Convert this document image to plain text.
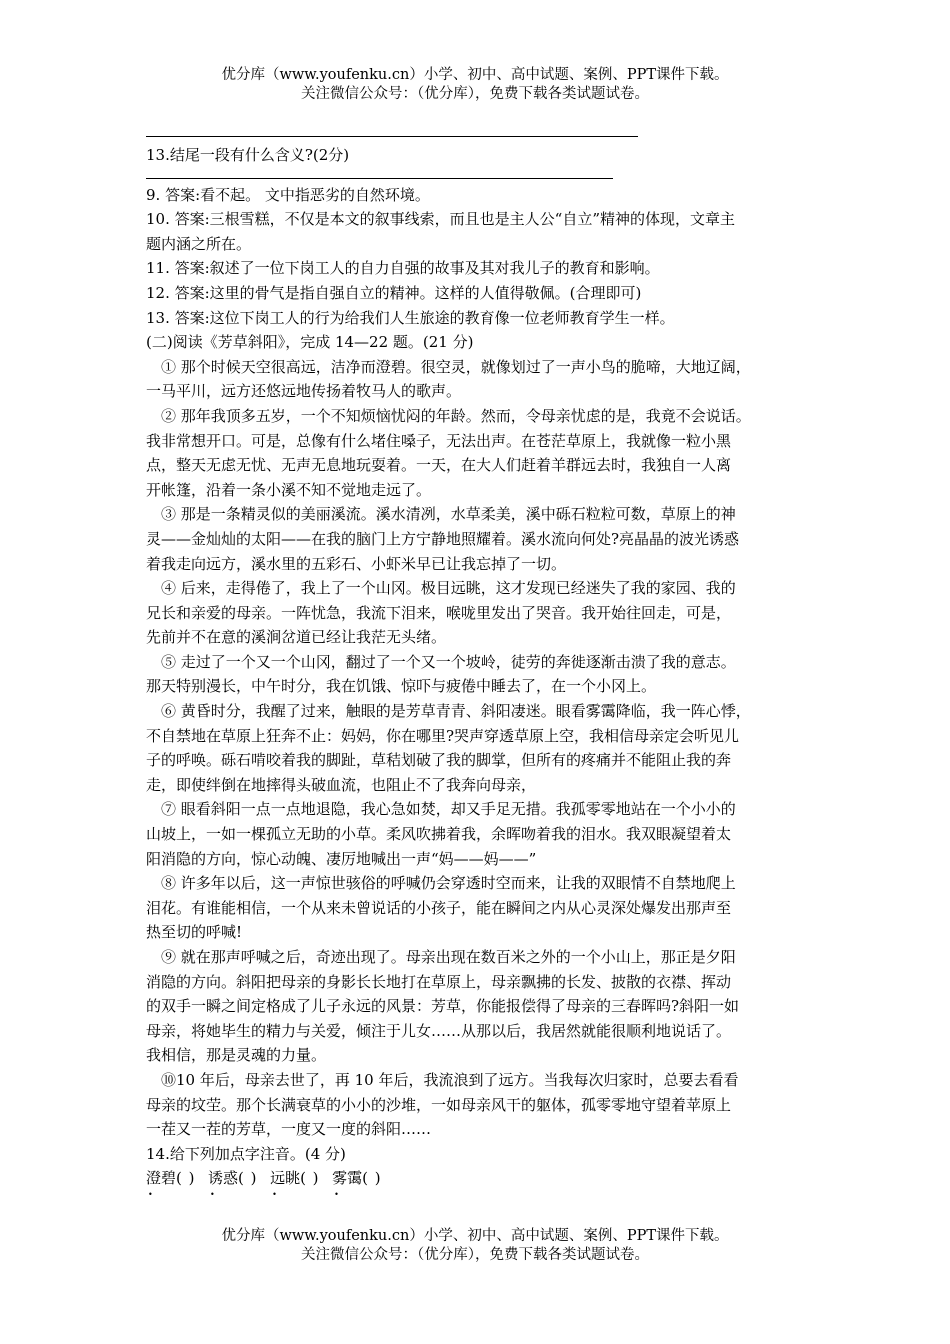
优分库（www.youfenku.cn）小学、初中、高中试题、案例、PPT课件下载。
关注微信公众号：（优分库），免费下载各类试题试卷。
13.结尾一段有什么含义?(2分)
9. 答案:看不起。 文中指恶劣的自然环境。
10. 答案:三根雪糕，不仅是本文的叙事线索，而且也是主人公“自立”精神的体现，文章主
题内涵之所在。
11. 答案:叙述了一位下岗工人的自力自强的故事及其对我儿子的教育和影响。
12. 答案:这里的骨气是指自强自立的精神。这样的人值得敬佩。(合理即可)
13. 答案:这位下岗工人的行为给我们人生旅途的教育像一位老师教育学生一样。
(二)阅读《芳草斜阳》，完成 14—22 题。(21 分)
① 那个时候天空很高远，洁净而澄碧。很空灵，就像划过了一声小鸟的脆啼，大地辽阔，
一马平川，远方还悠远地传扬着牧马人的歌声。
② 那年我顶多五岁，一个不知烦恼忧闷的年龄。然而，令母亲忧虑的是，我竟不会说话。
我非常想开口。可是，总像有什么堵住嗓子，无法出声。在苍茫草原上，我就像一粒小黑
点，整天无虑无忧、无声无息地玩耍着。一天，在大人们赶着羊群远去时，我独自一人离
开帐篷，沿着一条小溪不知不觉地走远了。
③ 那是一条精灵似的美丽溪流。溪水清冽，水草柔美，溪中砾石粒粒可数，草原上的神
灵——金灿灿的太阳——在我的脑门上方宁静地照耀着。溪水流向何处?亮晶晶的波光诱惑
着我走向远方，溪水里的五彩石、小虾米早已让我忘掉了一切。
④ 后来，走得倦了，我上了一个山冈。极目远眺，这才发现已经迷失了我的家园、我的
兄长和亲爱的母亲。一阵忧急，我流下泪来，喉咙里发出了哭音。我开始往回走，可是，
先前并不在意的溪涧岔道已经让我茫无头绪。
⑤ 走过了一个又一个山冈，翻过了一个又一个坡岭，徒劳的奔徙逐渐击溃了我的意志。
那天特别漫长，中午时分，我在饥饿、惊吓与疲倦中睡去了，在一个小冈上。
⑥ 黄昏时分，我醒了过来，触眼的是芳草青青、斜阳凄迷。眼看雾霭降临，我一阵心悸，
不自禁地在草原上狂奔不止：妈妈，你在哪里?哭声穿透草原上空，我相信母亲定会听见儿
子的呼唤。砾石啃咬着我的脚趾，草秸划破了我的脚掌，但所有的疼痛并不能阻止我的奔
走，即使绊倒在地摔得头破血流，也阻止不了我奔向母亲，
⑦ 眼看斜阳一点一点地退隐，我心急如焚，却又手足无措。我孤零零地站在一个小小的
山坡上，一如一棵孤立无助的小草。柔风吹拂着我，余晖吻着我的泪水。我双眼凝望着太
阳消隐的方向，惊心动魄、凄厉地喊出一声“妈——妈——”
⑧ 许多年以后，这一声惊世骇俗的呼喊仍会穿透时空而来，让我的双眼情不自禁地爬上
泪花。有谁能相信，一个从来未曾说话的小孩子，能在瞬间之内从心灵深处爆发出那声至
热至切的呼喊!
⑨ 就在那声呼喊之后，奇迹出现了。母亲出现在数百米之外的一个小山上，那正是夕阳
消隐的方向。斜阳把母亲的身影长长地打在草原上，母亲飘拂的长发、披散的衣襟、挥动
的双手一瞬之间定格成了儿子永远的风景：芳草，你能报偿得了母亲的三春晖吗?斜阳一如
母亲，将她毕生的精力与关爱，倾注于儿女……从那以后，我居然就能很顺利地说话了。
我相信，那是灵魂的力量。
⑩10 年后，母亲去世了，再 10 年后，我流浪到了远方。当我每次归家时，总要去看看
母亲的坟茔。那个长满衰草的小小的沙堆，一如母亲风干的躯体，孤零零地守望着苹原上
一茬又一茬的芳草，一度又一度的斜阳……
14.给下列加点字注音。(4 分)
澄碧( ) • 诱惑( ) • 远眺( ) • 雾霭( ) •
优分库（www.youfenku.cn）小学、初中、高中试题、案例、PPT课件下载。
关注微信公众号：（优分库），免费下载各类试题试卷。
